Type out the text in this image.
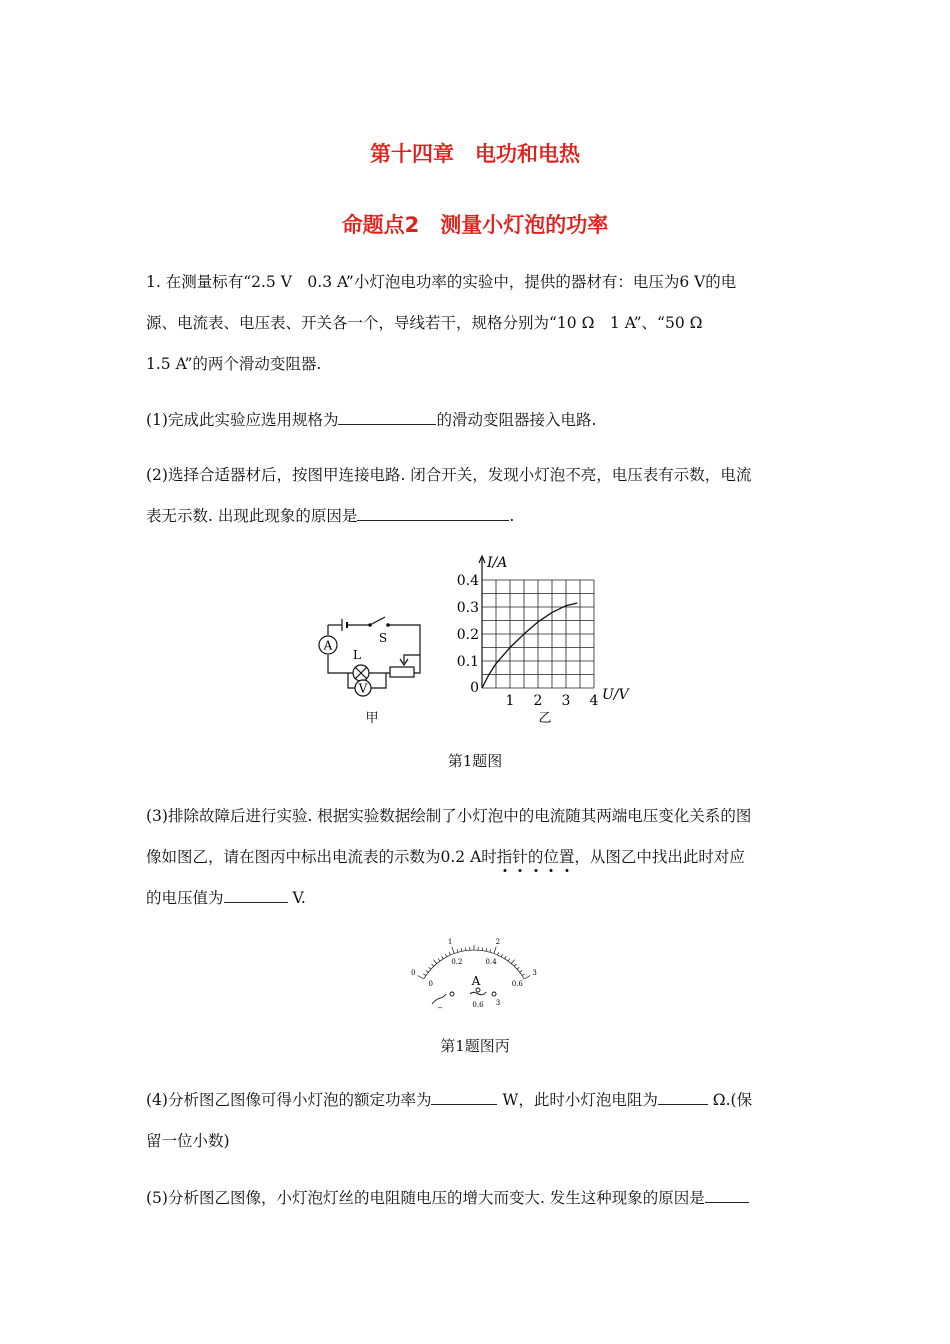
第十四章　电功和电热
命题点2　测量小灯泡的功率
1. 在测量标有“2.5 V　0.3 A”小灯泡电功率的实验中，提供的器材有：电压为6 V的电
源、电流表、电压表、开关各一个，导线若干，规格分别为“10 Ω　1 A”、“50 Ω
1.5 A”的两个滑动变阻器.
(1)完成此实验应选用规格为	的滑动变阻器接入电路.
(2)选择合适器材后，按图甲连接电路. 闭合开关，发现小灯泡不亮，电压表有示数，电流
表无示数. 出现此现象的原因是	.
A
L
S
V
甲
1 2 3 4
0.1
0.2
0.3
0.4
0
I/A
U/V
乙
第1题图
(3)排除故障后进行实验. 根据实验数据绘制了小灯泡中的电流随其两端电压变化关系的图
像如图乙，请在图丙中标出电流表的示数为0.2 A时指针的位置，从图乙中找出此时对应
的电压值为	V.
0
1	2
3
0
0.2	0.4
0.6
A
−	0.6 3
第1题图丙
(4)分析图乙图像可得小灯泡的额定功率为	W，此时小灯泡电阻为	Ω.(保
留一位小数)
(5)分析图乙图像，小灯泡灯丝的电阻随电压的增大而变大. 发生这种现象的原因是
